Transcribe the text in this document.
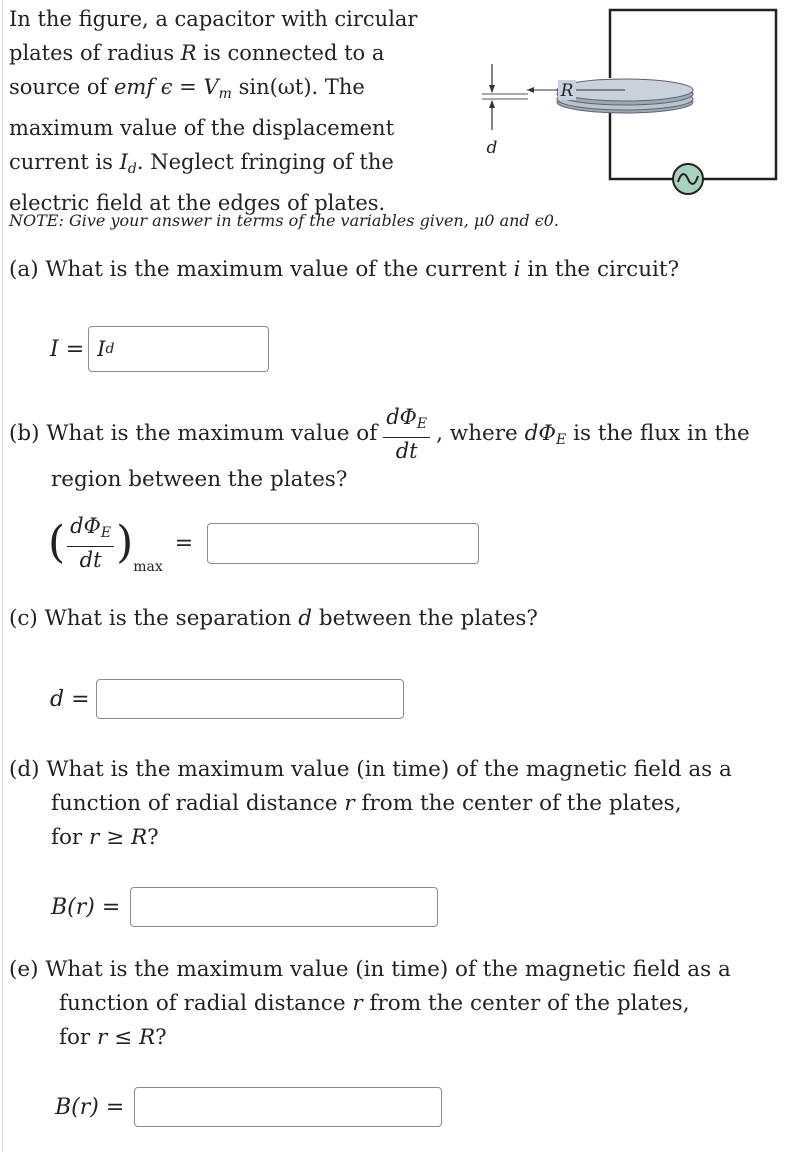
In the figure, a capacitor with circular
plates of radius R is connected to a
source of emf $\epsilon = V_m$ sin(ωt). The
maximum value of the displacement
current is $I_d$. Neglect fringing of the
electric field at the edges of plates.
R
d
NOTE: Give your answer in terms of the variables given, μ0 and ϵ0.
(a) What is the maximum value of the current i in the circuit?
I = I d
(b) What is the maximum value of $\frac{d\Phi_E}{dt}$ , where $d\Phi_E$ is the flux in the
region between the plates?
( $\frac{d\Phi_E}{dt}$ ) max
=
(c) What is the separation d between the plates?
d =
(d) What is the maximum value (in time) of the magnetic field as a
function of radial distance r from the center of the plates,
for r ≥ R?
B(r) =
(e) What is the maximum value (in time) of the magnetic field as a
function of radial distance r from the center of the plates,
for r ≤ R?
B(r) =
